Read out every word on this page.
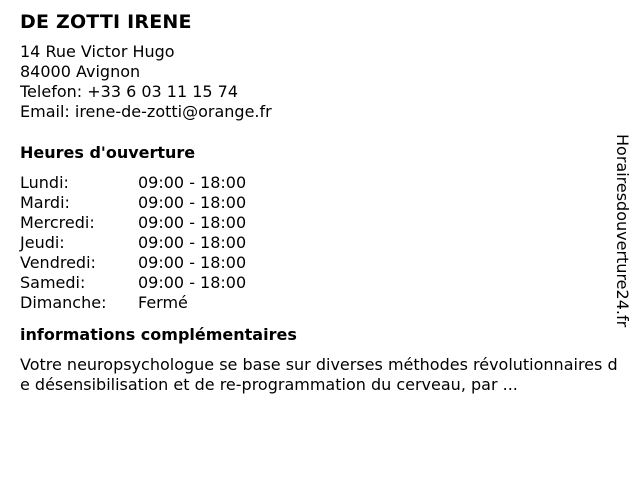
DE ZOTTI IRENE
14 Rue Victor Hugo
84000 Avignon
Telefon: +33 6 03 11 15 74
Email: irene-de-zotti@orange.fr
Heures d'ouverture
Lundi:	09:00 - 18:00
Mardi:	09:00 - 18:00
Mercredi:	09:00 - 18:00
Jeudi:	09:00 - 18:00
Vendredi:	09:00 - 18:00
Samedi:	09:00 - 18:00
Dimanche:	Fermé
informations complémentaires
Votre neuropsychologue se base sur diverses méthodes révolutionnaires de désensibilisation et de re-programmation du cerveau, par ...
Horairesdouverture24.fr
